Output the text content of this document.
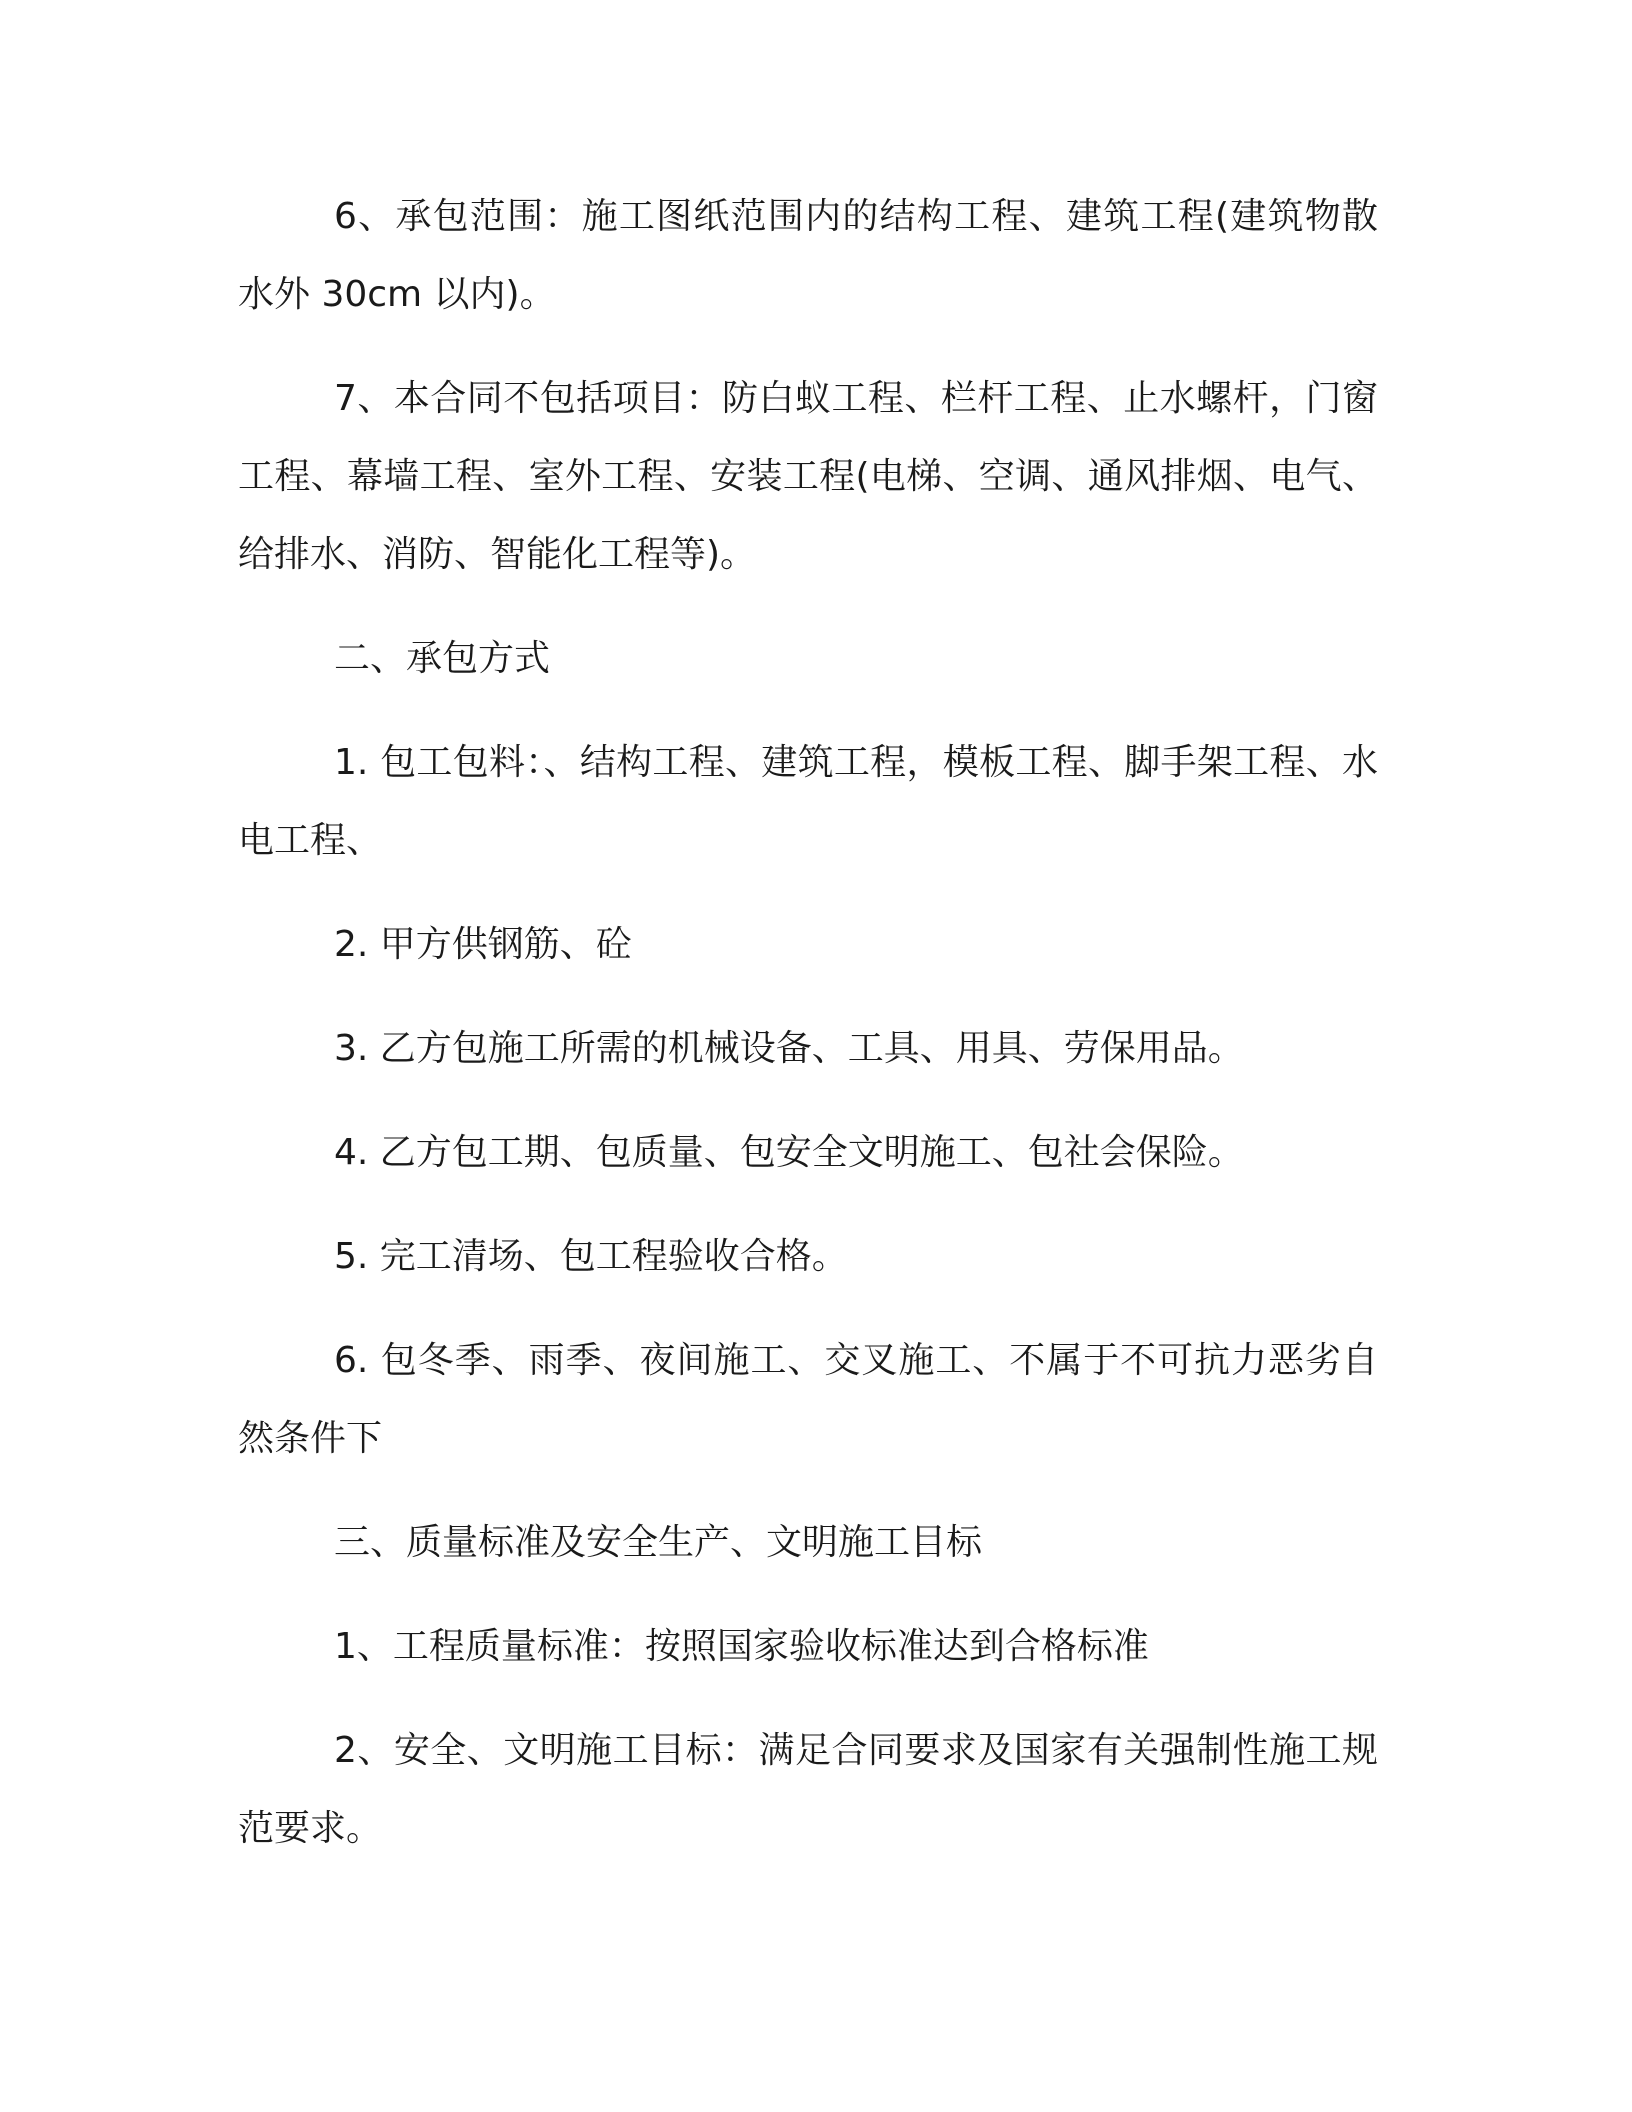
6、承包范围：施工图纸范围内的结构工程、建筑工程(建筑物散水外 30cm 以内)。

7、本合同不包括项目：防白蚁工程、栏杆工程、止水螺杆，门窗工程、幕墙工程、室外工程、安装工程(电梯、空调、通风排烟、电气、给排水、消防、智能化工程等)。

二、承包方式

1. 包工包料：、结构工程、建筑工程，模板工程、脚手架工程、水电工程、

2. 甲方供钢筋、砼

3. 乙方包施工所需的机械设备、工具、用具、劳保用品。

4. 乙方包工期、包质量、包安全文明施工、包社会保险。

5. 完工清场、包工程验收合格。

6. 包冬季、雨季、夜间施工、交叉施工、不属于不可抗力恶劣自然条件下

三、质量标准及安全生产、文明施工目标

1、工程质量标准：按照国家验收标准达到合格标准

2、安全、文明施工目标：满足合同要求及国家有关强制性施工规范要求。
